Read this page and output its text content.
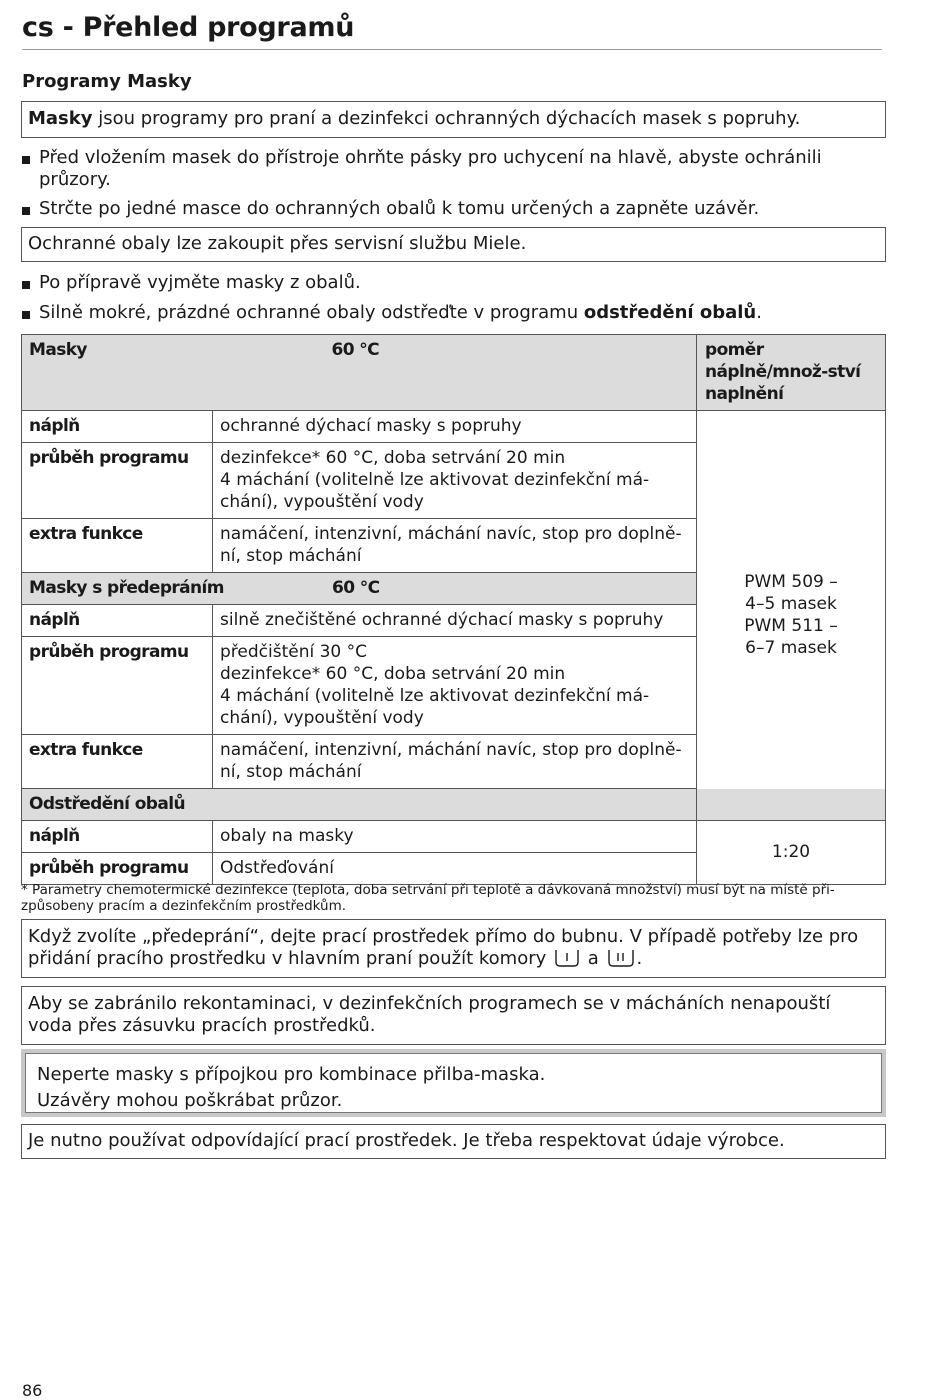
cs - Přehled programů
Programy Masky
Masky jsou programy pro praní a dezinfekci ochranných dýchacích masek s popruhy.
Před vložením masek do přístroje ohrňte pásky pro uchycení na hlavě, abyste ochránili průzory.
Strčte po jedné masce do ochranných obalů k tomu určených a zapněte uzávěr.
Ochranné obaly lze zakoupit přes servisní službu Miele.
Po přípravě vyjměte masky z obalů.
Silně mokré, prázdné ochranné obaly odstřeďte v programu odstředění obalů.
Masky 60 °C		poměr náplně/množ-ství naplnění
náplň	ochranné dýchací masky s popruhy	PWM 509 –
4–5 masek
PWM 511 –
6–7 masek

průběh programu	dezinfekce* 60 °C, doba setrvání 20 min
4 máchání (volitelně lze aktivovat dezinfekční má-chání), vypouštění vody	

extra funkce	namáčení, intenzivní, máchání navíc, stop pro doplně-ní, stop máchání	
Masky s předepráním 60 °C		

náplň	silně znečištěné ochranné dýchací masky s popruhy	
průběh programu	předčištění 30 °C
dezinfekce* 60 °C, doba setrvání 20 min
4 máchání (volitelně lze aktivovat dezinfekční má-chání), vypouštění vody	

extra funkce	namáčení, intenzivní, máchání navíc, stop pro doplně-ní, stop máchání	
Odstředění obalů		
náplň	obaly na masky	1:20
průběh programu	Odstřeďování	
* Parametry chemotermické dezinfekce (teplota, doba setrvání při teplotě a dávkovaná množství) musí být na místě při-způsobeny pracím a dezinfekčním prostředkům.
Když zvolíte „předeprání“, dejte prací prostředek přímo do bubnu. V případě potřeby lze pro přidání pracího prostředku v hlavním praní použít komory  a .
Aby se zabránilo rekontaminaci, v dezinfekčních programech se v mácháních nenapouští voda přes zásuvku pracích prostředků.
Neperte masky s přípojkou pro kombinace přilba-maska.
Uzávěry mohou poškrábat průzor.
Je nutno používat odpovídající prací prostředek. Je třeba respektovat údaje výrobce.
86
